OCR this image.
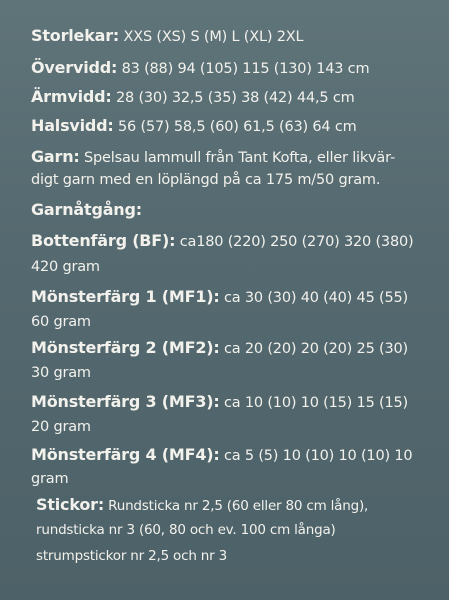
Storlekar: XXS (XS) S (M) L (XL) 2XL
Övervidd: 83 (88) 94 (105) 115 (130) 143 cm
Ärmvidd: 28 (30) 32,5 (35) 38 (42) 44,5 cm
Halsvidd: 56 (57) 58,5 (60) 61,5 (63) 64 cm
Garn: Spelsau lammull från Tant Kofta, eller likvär-
digt garn med en löplängd på ca 175 m/50 gram.
Garnåtgång:
Bottenfärg (BF): ca180 (220) 250 (270) 320 (380)
420 gram
Mönsterfärg 1 (MF1): ca 30 (30) 40 (40) 45 (55)
60 gram
Mönsterfärg 2 (MF2): ca 20 (20) 20 (20) 25 (30)
30 gram
Mönsterfärg 3 (MF3): ca 10 (10) 10 (15) 15 (15)
20 gram
Mönsterfärg 4 (MF4): ca 5 (5) 10 (10) 10 (10) 10
gram
Stickor: Rundsticka nr 2,5 (60 eller 80 cm lång),
rundsticka nr 3 (60, 80 och ev. 100 cm långa)
strumpstickor nr 2,5 och nr 3
